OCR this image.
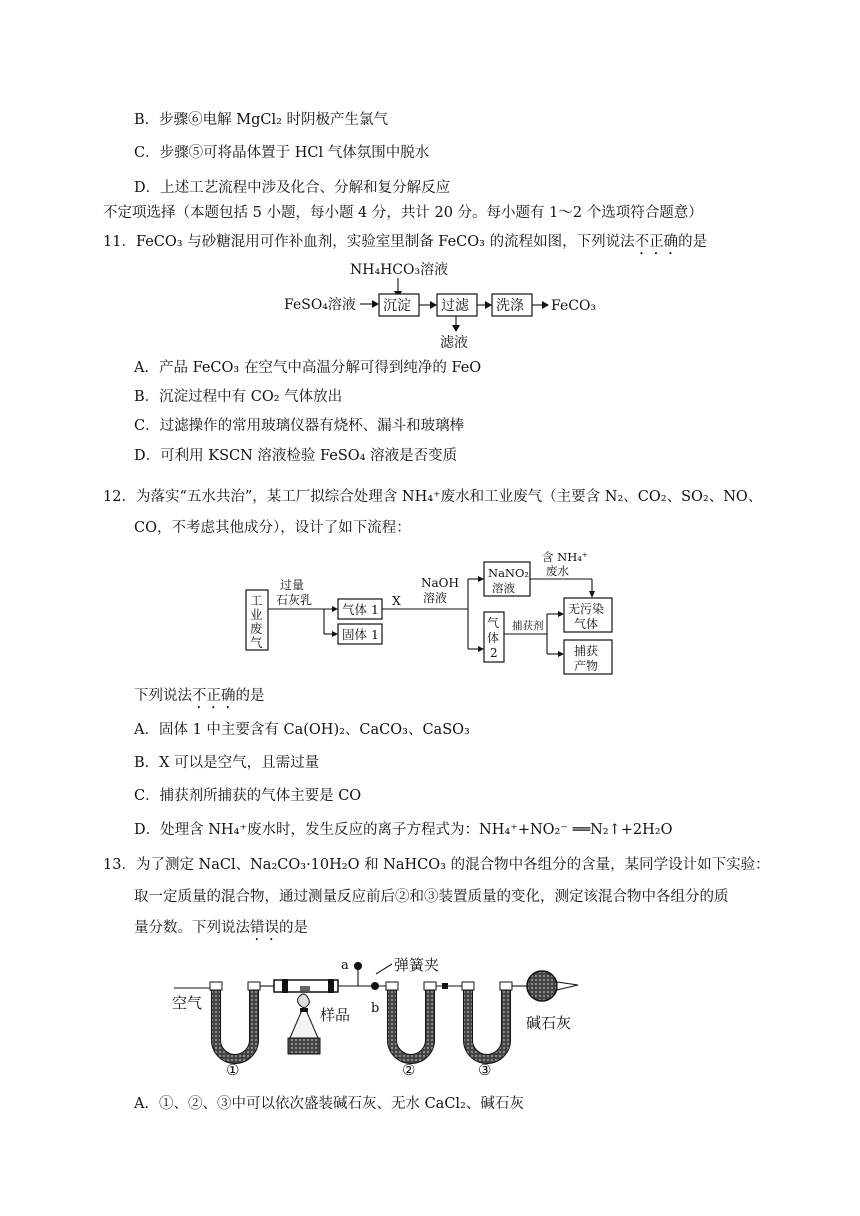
B．步骤⑥电解 MgCl₂ 时阴极产生氯气
C．步骤⑤可将晶体置于 HCl 气体氛围中脱水
D．上述工艺流程中涉及化合、分解和复分解反应
不定项选择（本题包括 5 小题，每小题 4 分，共计 20 分。每小题有 1～2 个选项符合题意）
11．FeCO₃ 与砂糖混用可作补血剂，实验室里制备 FeCO₃ 的流程如图，下列说法不正确的是
NH₄HCO₃溶液
FeSO₄溶液 沉淀 过滤
滤液
洗涤 FeCO₃
A．产品 FeCO₃ 在空气中高温分解可得到纯净的 FeO
B．沉淀过程中有 CO₂ 气体放出
C．过滤操作的常用玻璃仪器有烧杯、漏斗和玻璃棒
D．可利用 KSCN 溶液检验 FeSO₄ 溶液是否变质
12．为落实“五水共治”，某工厂拟综合处理含 NH₄⁺废水和工业废气（主要含 N₂、CO₂、SO₂、NO、
CO，不考虑其他成分），设计了如下流程：
工
业
废
气
过量
石灰乳
气体 1
固体 1
X
NaOH
溶液
NaNO₂
溶液
气
体
2
捕获剂
含 NH₄⁺
废水
无污染
气体
捕获
产物
下列说法不正确的是
A．固体 1 中主要含有 Ca(OH)₂、CaCO₃、CaSO₃
B．X 可以是空气，且需过量
C．捕获剂所捕获的气体主要是 CO
D．处理含 NH₄⁺废水时，发生反应的离子方程式为：NH₄⁺+NO₂⁻ ══N₂↑+2H₂O
13．为了测定 NaCl、Na₂CO₃·10H₂O 和 NaHCO₃ 的混合物中各组分的含量，某同学设计如下实验：
取一定质量的混合物，通过测量反应前后②和③装置质量的变化，测定该混合物中各组分的质
量分数。下列说法错误的是
空气
①
样品
a
b
弹簧夹
②	③
碱石灰
A．①、②、③中可以依次盛装碱石灰、无水 CaCl₂、碱石灰
